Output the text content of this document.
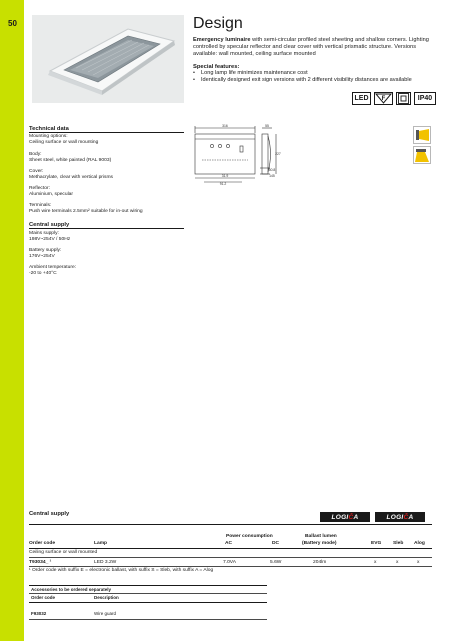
50	Design
Emergency luminaire with semi-circular profiled steel sheeting and shallow corners. Lighting controlled by specular reflector and clear cover with vertical prismatic structure. Versions available: wall mounted, ceiling surface mounted
Special features:
• Long lamp life minimizes maintenance cost
• Identically designed exit sign versions with 2 different visibility distances are available
LED	F	IP40
Technical data
Mounting options:
Ceiling surface or wall mounting
Body:
Sheet steel, white painted (RAL 9003)
Cover:
Methacrylate, clear with vertical prisms
Reflector:
Aluminium, specular
Terminals:
Push wire terminals 2.5mm² suitable for in-out wiring
Central supply
Mains supply:
198V~254V / 50Hz
Battery supply:
176V~254V
Ambient temperature:
-20 to +40°C
316	55
227
50.8
145
91.2
31.9
Central supply	LOGI Č A	LOGI Č A
Power consumption	Ballast lumen
Order code	Lamp	AC	DC	(Battery mode)	EVG Sleb Alog
Ceiling surface or wall mounted
T93034_ ¹	LED 3.2W	7.0VA	5.6W	204lm	x	x	x
¹ Order code with suffix E = electronic ballast, with suffix S = Sleb, with suffix A = Alog
Accessories to be ordered separately
Order code	Description
F93032	Wire guard
